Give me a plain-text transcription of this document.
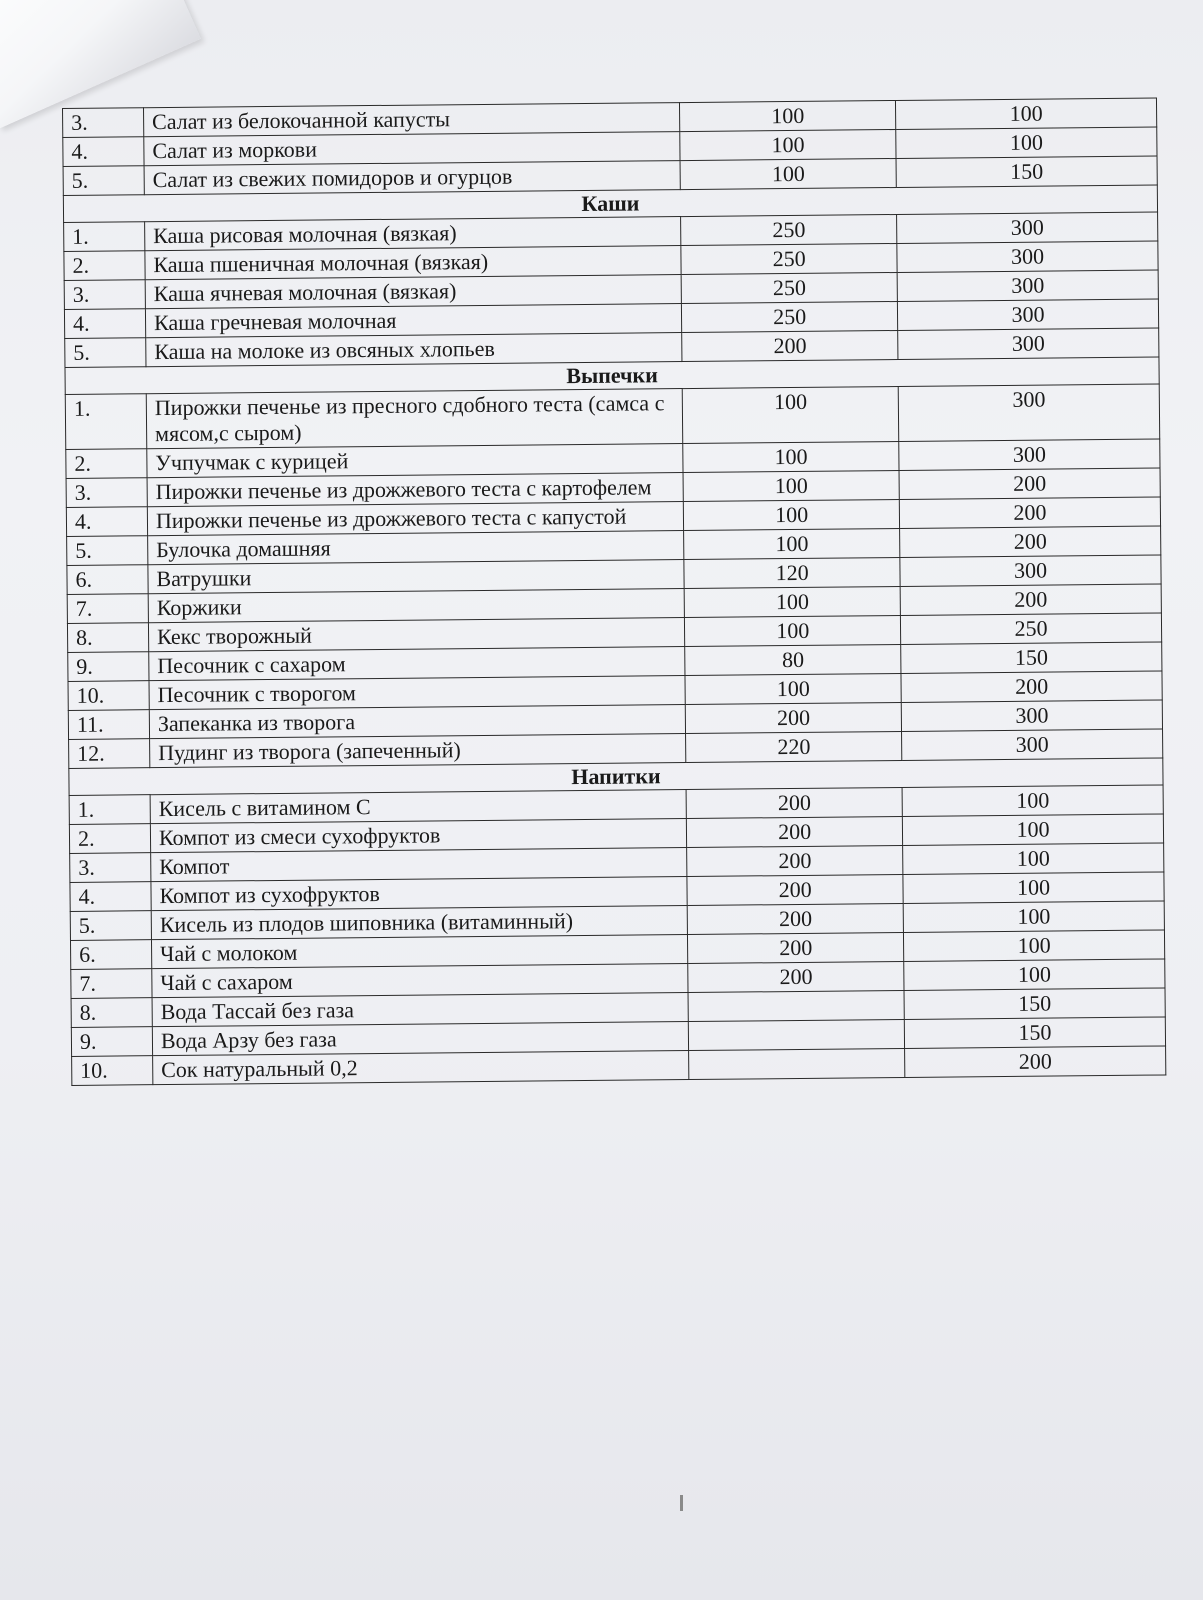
3.	Салат из белокочанной капусты	100	100
4.	Салат из моркови	100	100
5.	Салат из свежих помидоров и огурцов	100	150
Каши			
1.	Каша рисовая молочная (вязкая)	250	300
2.	Каша пшеничная молочная (вязкая)	250	300
3.	Каша ячневая молочная (вязкая)	250	300
4.	Каша гречневая молочная	250	300
5.	Каша на молоке из овсяных хлопьев	200	300
Выпечки			
1.	Пирожки печенье из пресного сдобного теста (самса с мясом,с сыром)	100	300
2.	Учпучмак с курицей	100	300
3.	Пирожки печенье из дрожжевого теста с картофелем	100	200
4.	Пирожки печенье из дрожжевого теста с капустой	100	200
5.	Булочка домашняя	100	200
6.	Ватрушки	120	300
7.	Коржики	100	200
8.	Кекс творожный	100	250
9.	Песочник с сахаром	80	150
10.	Песочник с творогом	100	200
11.	Запеканка из творога	200	300
12.	Пудинг из творога (запеченный)	220	300
Напитки			
1.	Кисель с витамином С	200	100
2.	Компот из смеси сухофруктов	200	100
3.	Компот	200	100
4.	Компот из сухофруктов	200	100
5.	Кисель из плодов шиповника (витаминный)	200	100
6.	Чай с молоком	200	100
7.	Чай с сахаром	200	100
8.	Вода Тассай без газа		150
9.	Вода Арзу без газа		150
10.	Сок натуральный 0,2		200
